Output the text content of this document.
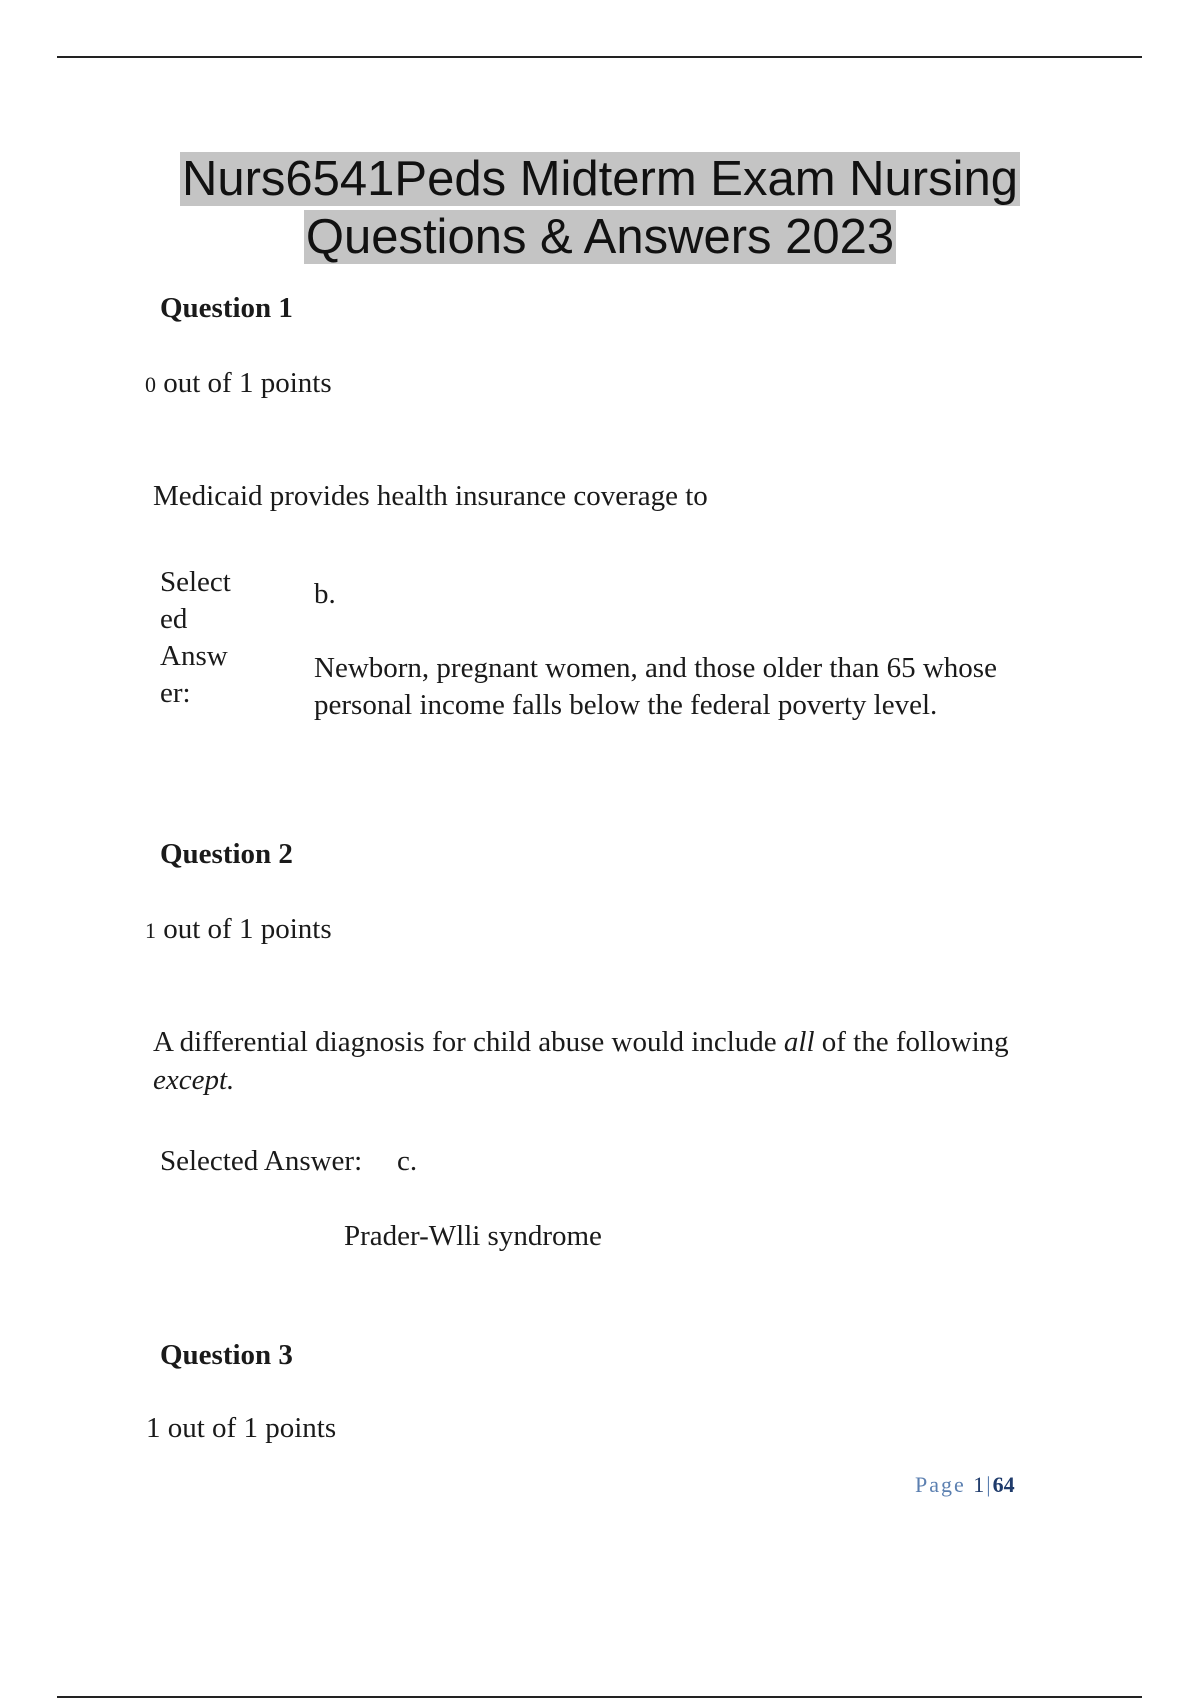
Nurs6541Peds Midterm Exam Nursing
Questions & Answers 2023
Question 1
0 out of 1 points
Medicaid provides health insurance coverage to
Select
ed
Answ
er:
b.
Newborn, pregnant women, and those older than 65 whose personal income falls below the federal poverty level.
Question 2
1 out of 1 points
A differential diagnosis for child abuse would include all of the following except.
Selected Answer: c.
Prader-Wlli syndrome
Question 3
1 out of 1 points
Page 1|64
